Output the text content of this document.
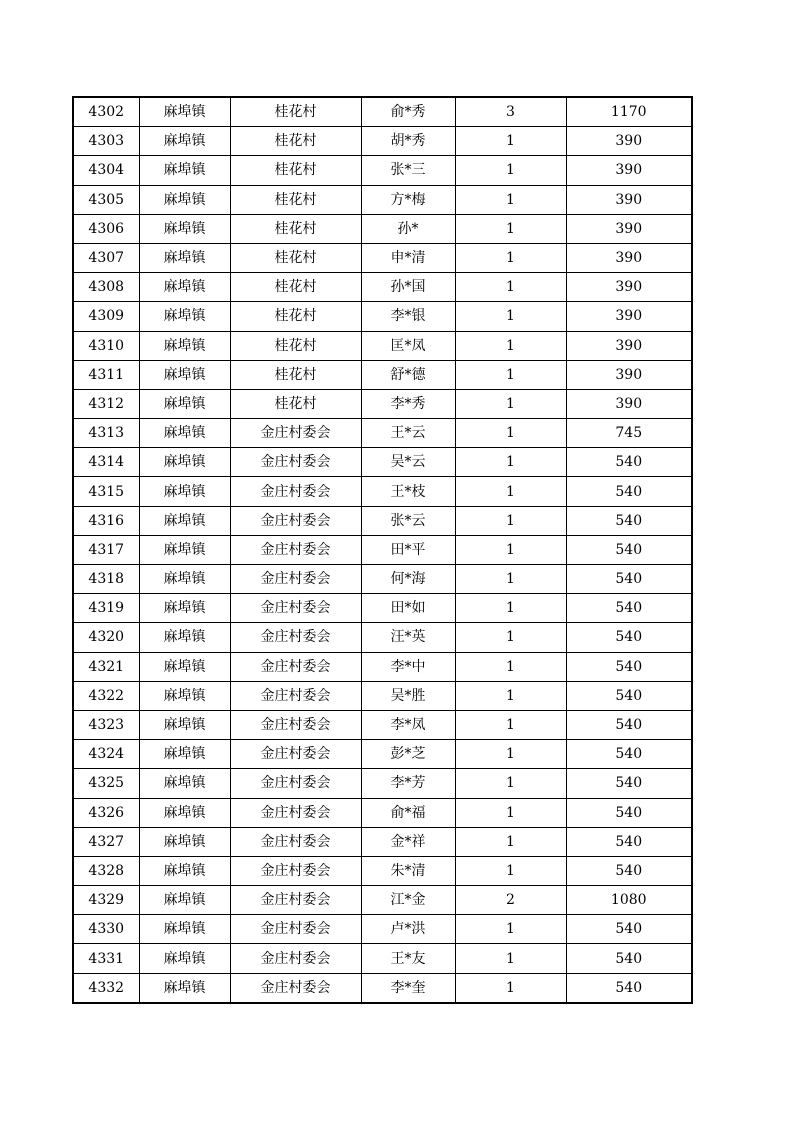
4302	麻埠镇	桂花村	俞*秀	3	1170
4303	麻埠镇	桂花村	胡*秀	1	390
4304	麻埠镇	桂花村	张*三	1	390
4305	麻埠镇	桂花村	方*梅	1	390
4306	麻埠镇	桂花村	孙*	1	390
4307	麻埠镇	桂花村	申*清	1	390
4308	麻埠镇	桂花村	孙*国	1	390
4309	麻埠镇	桂花村	李*银	1	390
4310	麻埠镇	桂花村	匡*凤	1	390
4311	麻埠镇	桂花村	舒*德	1	390
4312	麻埠镇	桂花村	李*秀	1	390
4313	麻埠镇	金庄村委会	王*云	1	745
4314	麻埠镇	金庄村委会	吴*云	1	540
4315	麻埠镇	金庄村委会	王*枝	1	540
4316	麻埠镇	金庄村委会	张*云	1	540
4317	麻埠镇	金庄村委会	田*平	1	540
4318	麻埠镇	金庄村委会	何*海	1	540
4319	麻埠镇	金庄村委会	田*如	1	540
4320	麻埠镇	金庄村委会	汪*英	1	540
4321	麻埠镇	金庄村委会	李*中	1	540
4322	麻埠镇	金庄村委会	吴*胜	1	540
4323	麻埠镇	金庄村委会	李*凤	1	540
4324	麻埠镇	金庄村委会	彭*芝	1	540
4325	麻埠镇	金庄村委会	李*芳	1	540
4326	麻埠镇	金庄村委会	俞*福	1	540
4327	麻埠镇	金庄村委会	金*祥	1	540
4328	麻埠镇	金庄村委会	朱*清	1	540
4329	麻埠镇	金庄村委会	江*金	2	1080
4330	麻埠镇	金庄村委会	卢*洪	1	540
4331	麻埠镇	金庄村委会	王*友	1	540
4332	麻埠镇	金庄村委会	李*奎	1	540
